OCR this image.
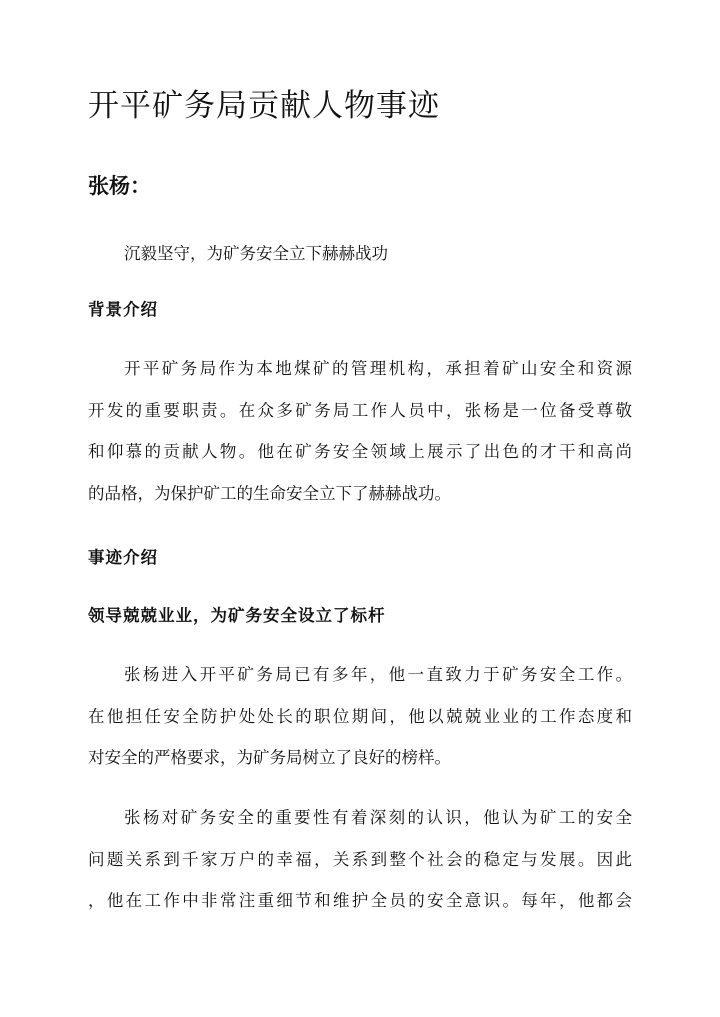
开平矿务局贡献人物事迹
张杨：
沉毅坚守，为矿务安全立下赫赫战功
背景介绍
开平矿务局作为本地煤矿的管理机构，承担着矿山安全和资源
开发的重要职责。在众多矿务局工作人员中，张杨是一位备受尊敬
和仰慕的贡献人物。他在矿务安全领域上展示了出色的才干和高尚
的品格，为保护矿工的生命安全立下了赫赫战功。
事迹介绍
领导兢兢业业，为矿务安全设立了标杆
张杨进入开平矿务局已有多年，他一直致力于矿务安全工作。
在他担任安全防护处处长的职位期间，他以兢兢业业的工作态度和
对安全的严格要求，为矿务局树立了良好的榜样。
张杨对矿务安全的重要性有着深刻的认识，他认为矿工的安全
问题关系到千家万户的幸福，关系到整个社会的稳定与发展。因此
，他在工作中非常注重细节和维护全员的安全意识。每年，他都会
